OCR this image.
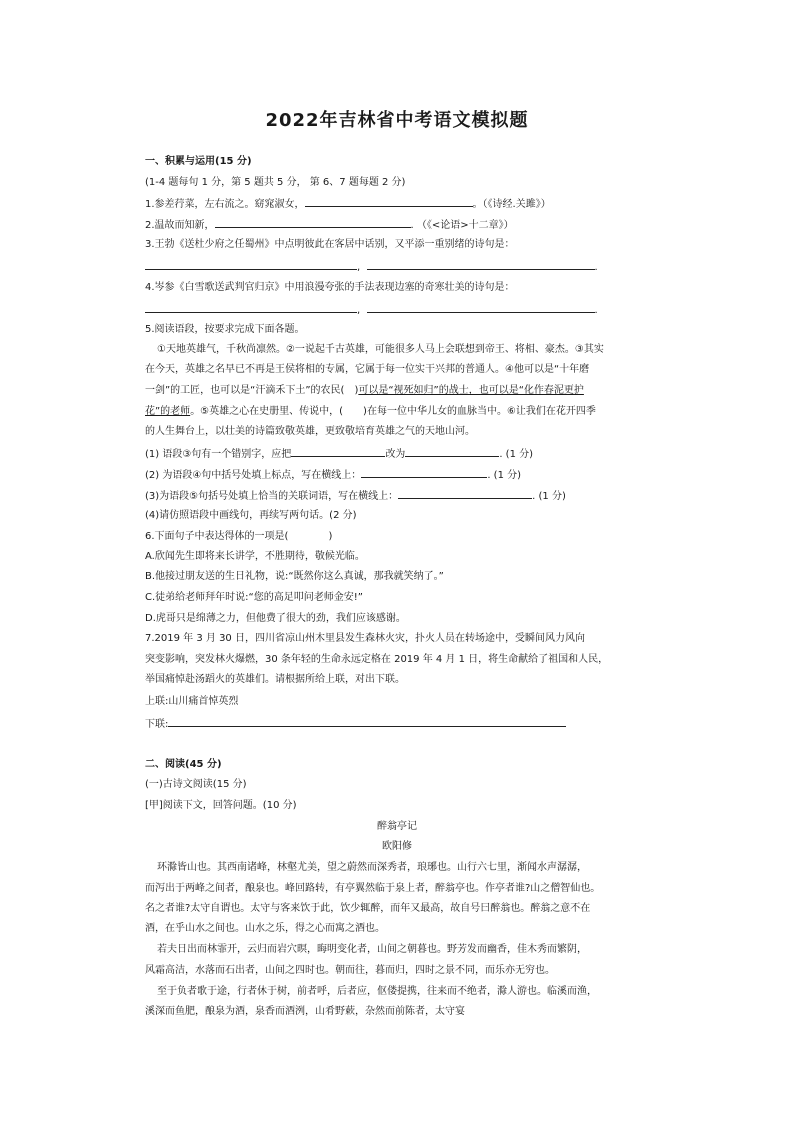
2022年吉林省中考语文模拟题
一、积累与运用(15 分)
(1-4 题每句 1 分，第 5 题共 5 分， 第 6、7 题每题 2 分)
1.参差荇菜，左右流之。窈窕淑女，	。（《诗经.关雎》）
2.温故而知新，	. （《<论语>十二章》）
3.王勃《送杜少府之任蜀州》中点明彼此在客居中话别，又平添一重别绪的诗句是：
,	.
4.岑参《白雪歌送武判官归京》中用浪漫夸张的手法表现边塞的奇寒壮美的诗句是：
,	.
5.阅读语段，按要求完成下面各题。
①天地英雄气，千秋尚凛然。②一说起千古英雄，可能很多人马上会联想到帝王、将相、豪杰。③其实
在今天，英雄之名早已不再是王侯将相的专属，它属于每一位实干兴邦的普通人。④他可以是“十年磨
一剑”的工匠，也可以是“汗滴禾下土”的农民(　)可以是“视死如归”的战士，也可以是“化作春泥更护
花”的老师。⑤英雄之心在史册里、传说中，(　　)在每一位中华儿女的血脉当中。⑥让我们在花开四季
的人生舞台上，以壮美的诗篇致敬英雄，更致敬培育英雄之气的天地山河。
(1) 语段③句有一个错别字，应把	改为	. (1 分)
(2) 为语段④句中括号处填上标点，写在横线上：	. (1 分)
(3)为语段⑤句括号处填上恰当的关联词语，写在横线上：	. (1 分)
(4)请仿照语段中画线句，再续写两句话。(2 分)
6.下面句子中表达得体的一项是(　　　　)
A.欣闻先生即将来长讲学，不胜期待，敬候光临。
B.他接过朋友送的生日礼物，说:“既然你这么真诚，那我就笑纳了。”
C.徒弟给老师拜年时说:“您的高足叩问老师金安!”
D.虎哥只是绵薄之力，但他费了很大的劲，我们应该感谢。
7.2019 年 3 月 30 日，四川省凉山州木里县发生森林火灾，扑火人员在转场途中，受瞬间风力风向
突变影响，突发林火爆燃，30 条年轻的生命永远定格在 2019 年 4 月 1 日，将生命献给了祖国和人民，
举国痛悼赴汤蹈火的英雄们。请根据所给上联，对出下联。
上联:山川痛首悼英烈
下联:
二、阅读(45 分)
(一)古诗文阅读(15 分)
[甲]阅读下文，回答问题。(10 分)
醉翁亭记
欧阳修
环滁皆山也。其西南诸峰，林壑尤美，望之蔚然而深秀者，琅琊也。山行六七里，渐闻水声潺潺，
而泻出于两峰之间者，酿泉也。峰回路转，有亭翼然临于泉上者，醉翁亭也。作亭者谁?山之僧智仙也。
名之者谁?太守自谓也。太守与客来饮于此，饮少辄醉，而年又最高，故自号曰醉翁也。醉翁之意不在
酒，在乎山水之间也。山水之乐，得之心而寓之酒也。
若夫日出而林霏开，云归而岩穴暝，晦明变化者，山间之朝暮也。野芳发而幽香，佳木秀而繁阴，
风霜高洁，水落而石出者，山间之四时也。朝而往，暮而归，四时之景不同，而乐亦无穷也。
至于负者歌于途，行者休于树，前者呼，后者应，伛偻提携，往来而不绝者，滁人游也。临溪而渔，
溪深而鱼肥，酿泉为酒，泉香而酒洌，山肴野蔌，杂然而前陈者，太守宴
